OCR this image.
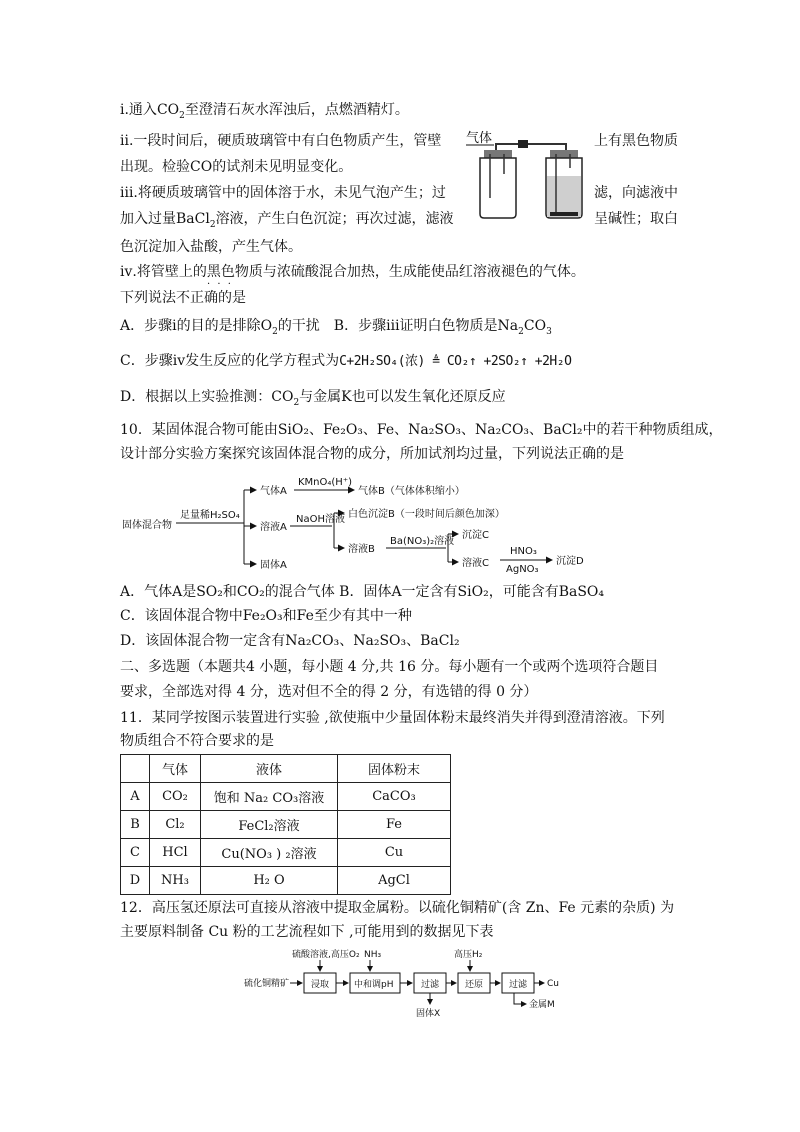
ⅰ.通入$CO_2$至澄清石灰水浑浊后，点燃酒精灯。
ⅱ.一段时间后，硬质玻璃管中有白色物质产生，管壁	上有黑色物质
出现。检验CO的试剂未见明显变化。
ⅲ.将硬质玻璃管中的固体溶于水，未见气泡产生；过	滤，向滤液中
加入过量BaCl$_2$溶液，产生白色沉淀；再次过滤，滤液	呈碱性；取白
色沉淀加入盐酸，产生气体。
ⅳ.将管壁上的黑色物质与浓硫酸混合加热，生成能使品红溶液褪色的气体。
· · ·
下列说法不正确的是
气体
A．步骤ⅰ的目的是排除$O_2$的干扰　B．步骤ⅲ证明白色物质是$Na_2CO_3$
C．步骤ⅳ发生反应的化学方程式为C+2H₂SO₄(浓) ≜ CO₂↑ +2SO₂↑ +2H₂O
D．根据以上实验推测：$CO_2$与金属K也可以发生氧化还原反应
10．某固体混合物可能由SiO₂、Fe₂O₃、Fe、Na₂SO₃、Na₂CO₃、BaCl₂中的若干种物质组成，
设计部分实验方案探究该固体混合物的成分，所加试剂均过量，下列说法正确的是
固体混合物
足量稀H₂SO₄
气体A
KMnO₄(H⁺)
气体B（气体体积缩小）
溶液A
NaOH溶液 白色沉淀B（一段时间后颜色加深）
溶液B
Ba(NO₃)₂溶液
沉淀C
溶液C
HNO₃
AgNO₃
沉淀D
固体A
A．气体A是SO₂和CO₂的混合气体 B．固体A一定含有SiO₂，可能含有BaSO₄
C．该固体混合物中Fe₂O₃和Fe至少有其中一种
D．该固体混合物一定含有Na₂CO₃、Na₂SO₃、BaCl₂
二、多选题（本题共4 小题，每小题 4 分,共 16 分。每小题有一个或两个选项符合题目
要求，全部选对得 4 分，选对但不全的得 2 分，有选错的得 0 分）
11．某同学按图示装置进行实验 ,欲使瓶中少量固体粉末最终消失并得到澄清溶液。下列
物质组合不符合要求的是
	气体	液体	固体粉末
A	CO₂	饱和 Na₂ CO₃溶液	CaCO₃
B	Cl₂	FeCl₂溶液	Fe
C	HCl	Cu(NO₃ ) ₂溶液	Cu
D	NH₃	H₂ O	AgCl
12．高压氢还原法可直接从溶液中提取金属粉。以硫化铜精矿(含 Zn、Fe 元素的杂质) 为
主要原料制备 Cu 粉的工艺流程如下 ,可能用到的数据见下表
硫酸溶液,高压O₂ NH₃	高压H₂
硫化铜精矿 浸取	中和调pH	过滤
固体X
还原	过滤 Cu
金属M
